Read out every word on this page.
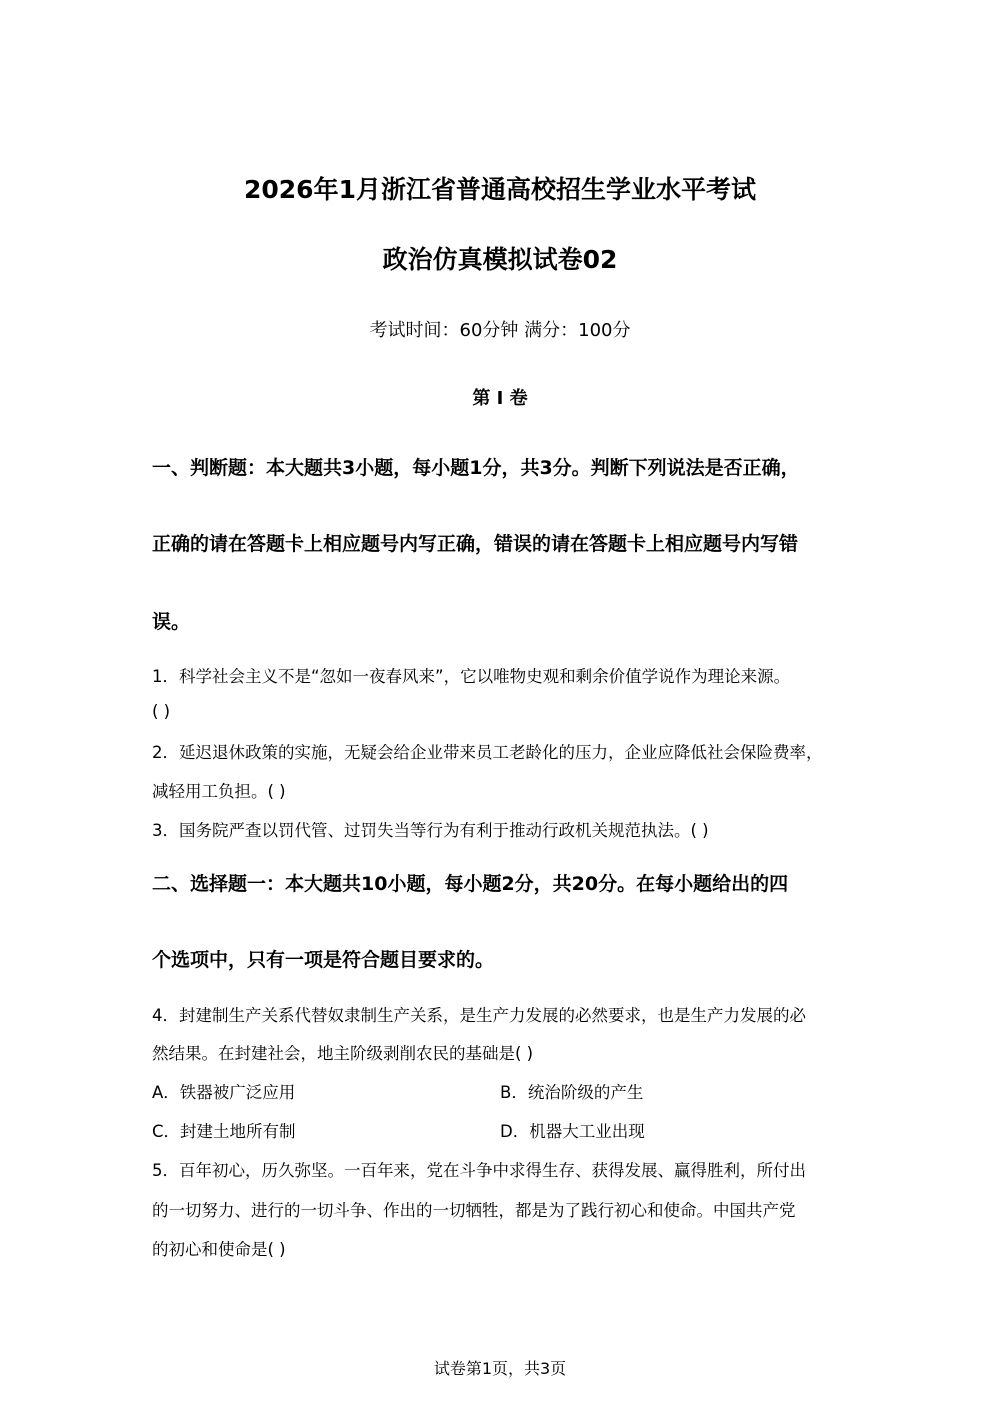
2026年1月浙江省普通高校招生学业水平考试
政治仿真模拟试卷02
考试时间：60分钟 满分：100分
第 I 卷
一、判断题：本大题共3小题，每小题1分，共3分。判断下列说法是否正确，
正确的请在答题卡上相应题号内写正确，错误的请在答题卡上相应题号内写错
误。
1．科学社会主义不是“忽如一夜春风来”，它以唯物史观和剩余价值学说作为理论来源。
( )
2．延迟退休政策的实施，无疑会给企业带来员工老龄化的压力，企业应降低社会保险费率，
减轻用工负担。( )
3．国务院严查以罚代管、过罚失当等行为有利于推动行政机关规范执法。( )
二、选择题一：本大题共10小题，每小题2分，共20分。在每小题给出的四
个选项中，只有一项是符合题目要求的。
4．封建制生产关系代替奴隶制生产关系，是生产力发展的必然要求，也是生产力发展的必
然结果。在封建社会，地主阶级剥削农民的基础是( )
A．铁器被广泛应用	B．统治阶级的产生
C．封建土地所有制	D．机器大工业出现
5．百年初心，历久弥坚。一百年来，党在斗争中求得生存、获得发展、赢得胜利，所付出
的一切努力、进行的一切斗争、作出的一切牺牲，都是为了践行初心和使命。中国共产党
的初心和使命是( )
试卷第1页，共3页
